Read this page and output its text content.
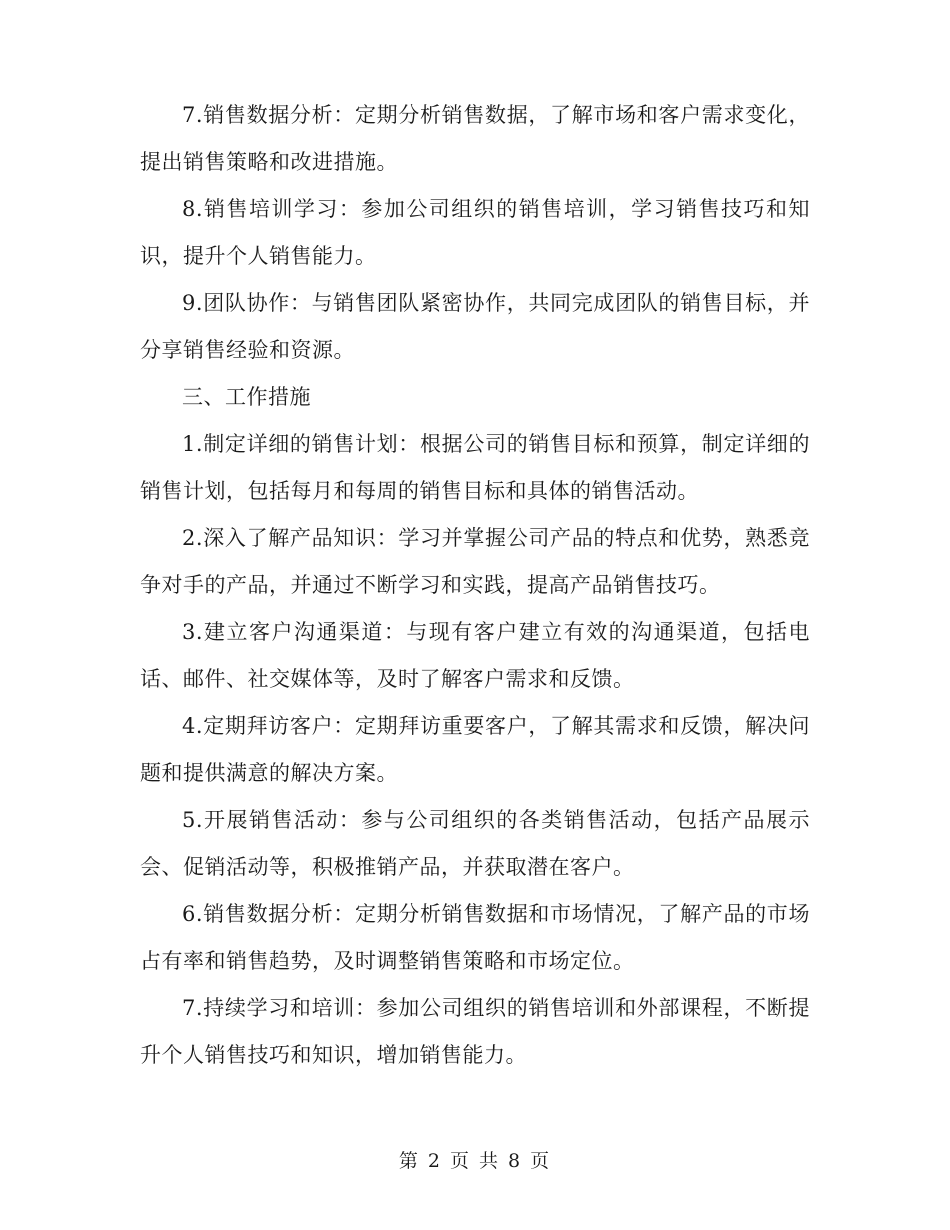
7.销售数据分析：定期分析销售数据，了解市场和客户需求变化，提出销售策略和改进措施。

8.销售培训学习：参加公司组织的销售培训，学习销售技巧和知识，提升个人销售能力。

9.团队协作：与销售团队紧密协作，共同完成团队的销售目标，并分享销售经验和资源。

三、工作措施

1.制定详细的销售计划：根据公司的销售目标和预算，制定详细的销售计划，包括每月和每周的销售目标和具体的销售活动。

2.深入了解产品知识：学习并掌握公司产品的特点和优势，熟悉竞争对手的产品，并通过不断学习和实践，提高产品销售技巧。

3.建立客户沟通渠道：与现有客户建立有效的沟通渠道，包括电话、邮件、社交媒体等，及时了解客户需求和反馈。

4.定期拜访客户：定期拜访重要客户，了解其需求和反馈，解决问题和提供满意的解决方案。

5.开展销售活动：参与公司组织的各类销售活动，包括产品展示会、促销活动等，积极推销产品，并获取潜在客户。

6.销售数据分析：定期分析销售数据和市场情况，了解产品的市场占有率和销售趋势，及时调整销售策略和市场定位。

7.持续学习和培训：参加公司组织的销售培训和外部课程，不断提升个人销售技巧和知识，增加销售能力。

第 2 页 共 8 页
